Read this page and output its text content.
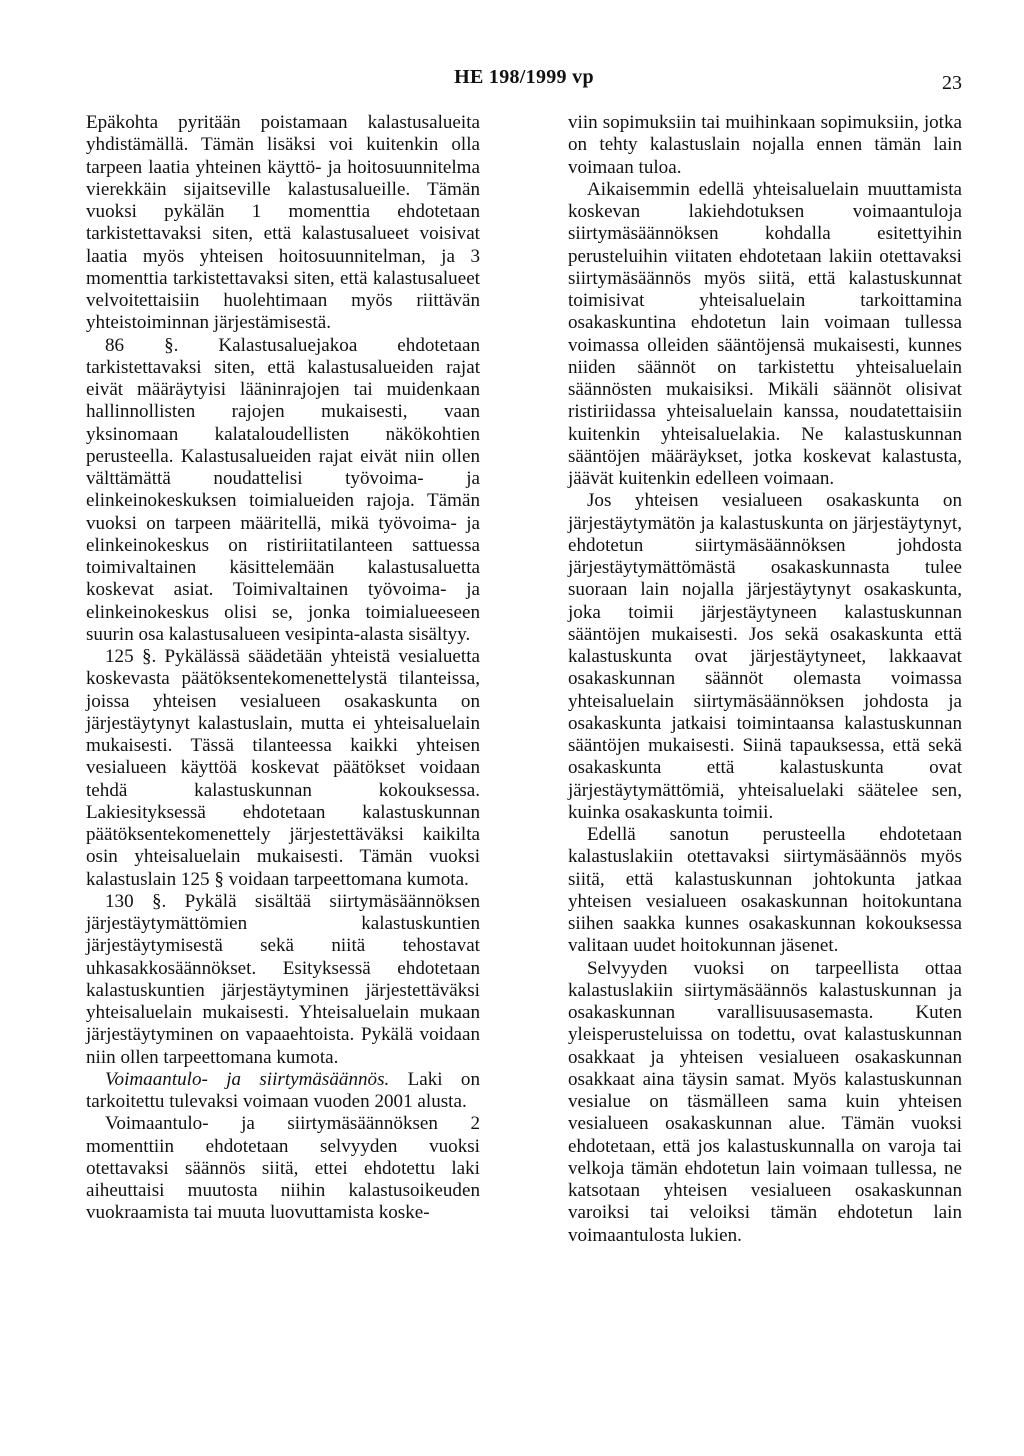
HE 198/1999 vp	23

Epäkohta pyritään poistamaan kalastusalueita yhdistämällä. Tämän lisäksi voi kuitenkin olla tarpeen laatia yhteinen käyttö- ja hoitosuunnitelma vierekkäin sijaitseville kalastusalueille. Tämän vuoksi pykälän 1 momenttia ehdotetaan tarkistettavaksi siten, että kalastusalueet voisivat laatia myös yhteisen hoitosuunnitelman, ja 3 momenttia tarkistettavaksi siten, että kalastusalueet velvoitettaisiin huolehtimaan myös riittävän yhteistoiminnan järjestämisestä.

86 §. Kalastusaluejakoa ehdotetaan tarkistettavaksi siten, että kalastusalueiden rajat eivät määräytyisi lääninrajojen tai muidenkaan hallinnollisten rajojen mukaisesti, vaan yksinomaan kalataloudellisten näkökohtien perusteella. Kalastusalueiden rajat eivät niin ollen välttämättä noudattelisi työvoima- ja elinkeinokeskuksen toimialueiden rajoja. Tämän vuoksi on tarpeen määritellä, mikä työvoima- ja elinkeinokeskus on ristiriitatilanteen sattuessa toimivaltainen käsittelemään kalastusaluetta koskevat asiat. Toimivaltainen työvoima- ja elinkeinokeskus olisi se, jonka toimialueeseen suurin osa kalastusalueen vesipinta-alasta sisältyy.

125 §. Pykälässä säädetään yhteistä vesialuetta koskevasta päätöksentekomenettelystä tilanteissa, joissa yhteisen vesialueen osakaskunta on järjestäytynyt kalastuslain, mutta ei yhteisaluelain mukaisesti. Tässä tilanteessa kaikki yhteisen vesialueen käyttöä koskevat päätökset voidaan tehdä kalastuskunnan kokouksessa. Lakiesityksessä ehdotetaan kalastuskunnan päätöksentekomenettely järjestettäväksi kaikilta osin yhteisaluelain mukaisesti. Tämän vuoksi kalastuslain 125 § voidaan tarpeettomana kumota.

130 §. Pykälä sisältää siirtymäsäännöksen järjestäytymättömien kalastuskuntien järjestäytymisestä sekä niitä tehostavat uhkasakkosäännökset. Esityksessä ehdotetaan kalastuskuntien järjestäytyminen järjestettäväksi yhteisaluelain mukaisesti. Yhteisaluelain mukaan järjestäytyminen on vapaaehtoista. Pykälä voidaan niin ollen tarpeettomana kumota.

Voimaantulo- ja siirtymäsäännös. Laki on tarkoitettu tulevaksi voimaan vuoden 2001 alusta.

Voimaantulo- ja siirtymäsäännöksen 2 momenttiin ehdotetaan selvyyden vuoksi otettavaksi säännös siitä, ettei ehdotettu laki aiheuttaisi muutosta niihin kalastusoikeuden vuokraamista tai muuta luovuttamista koske-

viin sopimuksiin tai muihinkaan sopimuksiin, jotka on tehty kalastuslain nojalla ennen tämän lain voimaan tuloa.

Aikaisemmin edellä yhteisaluelain muuttamista koskevan lakiehdotuksen voimaantuloja siirtymäsäännöksen kohdalla esitettyihin perusteluihin viitaten ehdotetaan lakiin otettavaksi siirtymäsäännös myös siitä, että kalastuskunnat toimisivat yhteisaluelain tarkoittamina osakaskuntina ehdotetun lain voimaan tullessa voimassa olleiden sääntöjensä mukaisesti, kunnes niiden säännöt on tarkistettu yhteisaluelain säännösten mukaisiksi. Mikäli säännöt olisivat ristiriidassa yhteisaluelain kanssa, noudatettaisiin kuitenkin yhteisaluelakia. Ne kalastuskunnan sääntöjen määräykset, jotka koskevat kalastusta, jäävät kuitenkin edelleen voimaan.

Jos yhteisen vesialueen osakaskunta on järjestäytymätön ja kalastuskunta on järjestäytynyt, ehdotetun siirtymäsäännöksen johdosta järjestäytymättömästä osakaskunnasta tulee suoraan lain nojalla järjestäytynyt osakaskunta, joka toimii järjestäytyneen kalastuskunnan sääntöjen mukaisesti. Jos sekä osakaskunta että kalastuskunta ovat järjestäytyneet, lakkaavat osakaskunnan säännöt olemasta voimassa yhteisaluelain siirtymäsäännöksen johdosta ja osakaskunta jatkaisi toimintaansa kalastuskunnan sääntöjen mukaisesti. Siinä tapauksessa, että sekä osakaskunta että kalastuskunta ovat järjestäytymättömiä, yhteisaluelaki säätelee sen, kuinka osakaskunta toimii.

Edellä sanotun perusteella ehdotetaan kalastuslakiin otettavaksi siirtymäsäännös myös siitä, että kalastuskunnan johtokunta jatkaa yhteisen vesialueen osakaskunnan hoitokuntana siihen saakka kunnes osakaskunnan kokouksessa valitaan uudet hoitokunnan jäsenet.

Selvyyden vuoksi on tarpeellista ottaa kalastuslakiin siirtymäsäännös kalastuskunnan ja osakaskunnan varallisuusasemasta. Kuten yleisperusteluissa on todettu, ovat kalastuskunnan osakkaat ja yhteisen vesialueen osakaskunnan osakkaat aina täysin samat. Myös kalastuskunnan vesialue on täsmälleen sama kuin yhteisen vesialueen osakaskunnan alue. Tämän vuoksi ehdotetaan, että jos kalastuskunnalla on varoja tai velkoja tämän ehdotetun lain voimaan tullessa, ne katsotaan yhteisen vesialueen osakaskunnan varoiksi tai veloiksi tämän ehdotetun lain voimaantulosta lukien.
